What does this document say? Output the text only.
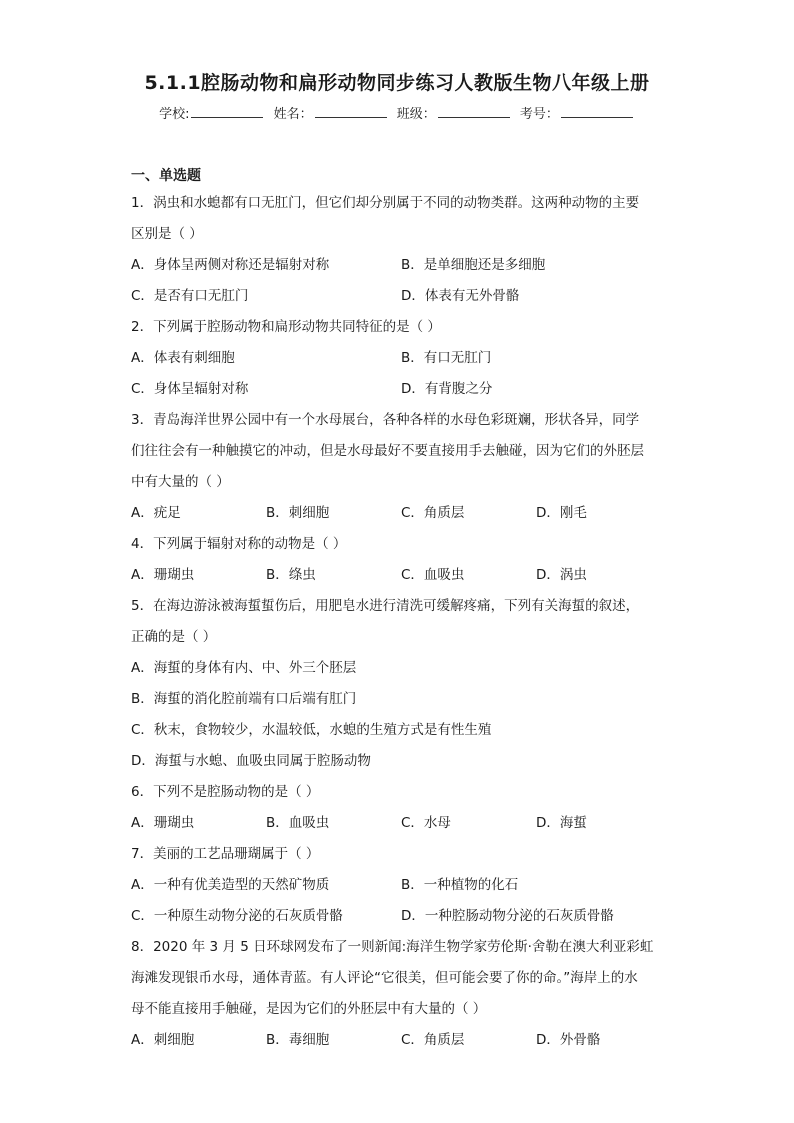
5.1.1腔肠动物和扁形动物同步练习人教版生物八年级上册
学校:	姓名：	班级：	考号：
一、单选题
1．涡虫和水螅都有口无肛门，但它们却分别属于不同的动物类群。这两种动物的主要
区别是（ ）
A．身体呈两侧对称还是辐射对称	B．是单细胞还是多细胞
C．是否有口无肛门	D．体表有无外骨骼
2．下列属于腔肠动物和扁形动物共同特征的是（ ）
A．体表有刺细胞	B．有口无肛门
C．身体呈辐射对称	D．有背腹之分
3．青岛海洋世界公园中有一个水母展台，各种各样的水母色彩斑斓，形状各异，同学
们往往会有一种触摸它的冲动，但是水母最好不要直接用手去触碰，因为它们的外胚层
中有大量的（ ）
A．疣足	B．刺细胞	C．角质层	D．刚毛
4．下列属于辐射对称的动物是（ ）
A．珊瑚虫	B．绦虫	C．血吸虫	D．涡虫
5．在海边游泳被海蜇蜇伤后，用肥皂水进行清洗可缓解疼痛，下列有关海蜇的叙述，
正确的是（ ）
A．海蜇的身体有内、中、外三个胚层
B．海蜇的消化腔前端有口后端有肛门
C．秋末，食物较少，水温较低，水螅的生殖方式是有性生殖
D．海蜇与水螅、血吸虫同属于腔肠动物
6．下列不是腔肠动物的是（ ）
A．珊瑚虫	B．血吸虫	C．水母	D．海蜇
7．美丽的工艺品珊瑚属于（ ）
A．一种有优美造型的天然矿物质	B．一种植物的化石
C．一种原生动物分泌的石灰质骨骼	D．一种腔肠动物分泌的石灰质骨骼
8．2020 年 3 月 5 日环球网发布了一则新闻:海洋生物学家劳伦斯·舍勒在澳大利亚彩虹
海滩发现银币水母，通体青蓝。有人评论“它很美，但可能会要了你的命。”海岸上的水
母不能直接用手触碰，是因为它们的外胚层中有大量的（ ）
A．刺细胞	B．毒细胞	C．角质层	D．外骨骼
